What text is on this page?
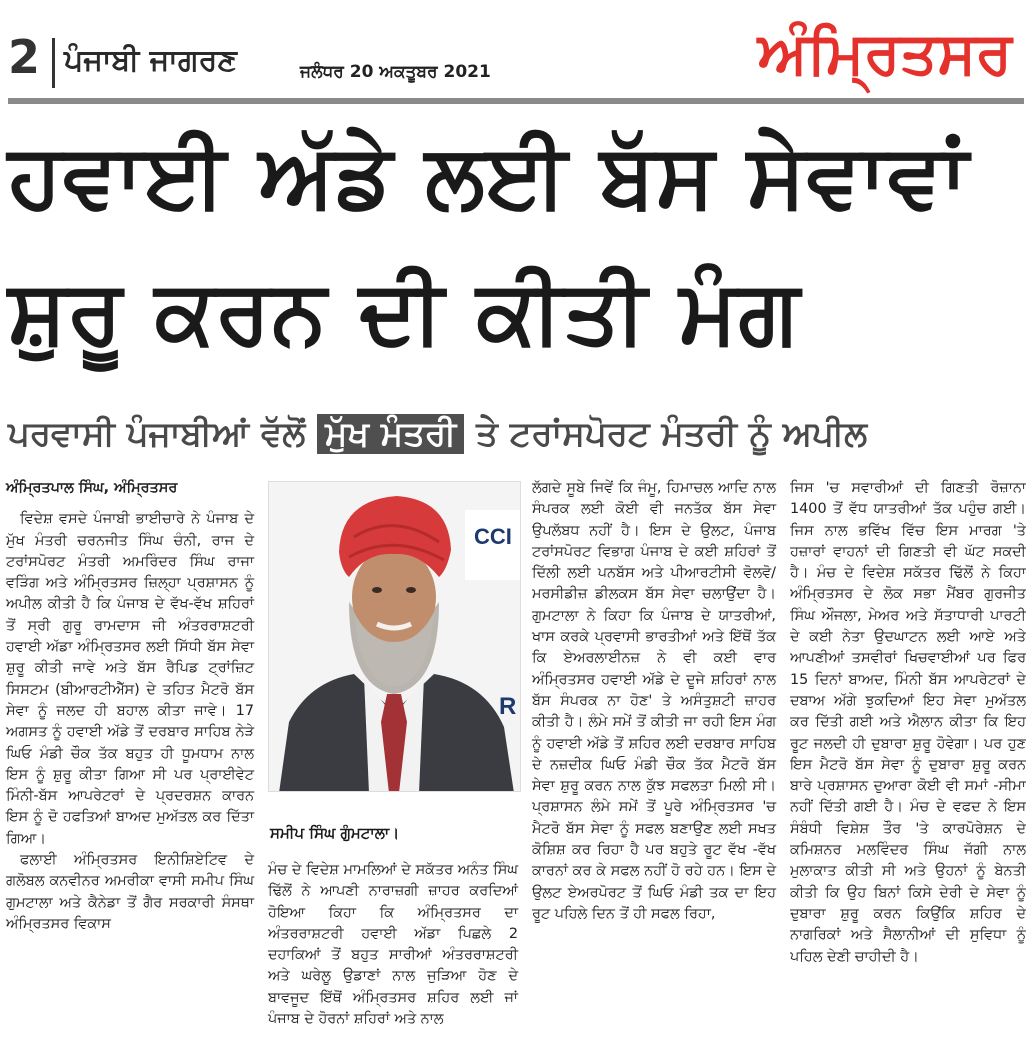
2 ਪੰਜਾਬੀ ਜਾਗਰਣ	ਜਲੰਧਰ 20 ਅਕਤੂਬਰ 2021	ਅੰਮ੍ਰਿਤਸਰ
ਹਵਾਈ ਅੱਡੇ ਲਈ ਬੱਸ ਸੇਵਾਵਾਂ
ਸ਼ੁਰੂ ਕਰਨ ਦੀ ਕੀਤੀ ਮੰਗ
ਪਰਵਾਸੀ ਪੰਜਾਬੀਆਂ ਵੱਲੋਂ ਮੁੱਖ ਮੰਤਰੀ ਤੇ ਟਰਾਂਸਪੋਰਟ ਮੰਤਰੀ ਨੂੰ ਅਪੀਲ

ਅੰਮ੍ਰਿਤਪਾਲ ਸਿੰਘ, ਅੰਮ੍ਰਿਤਸਰ

ਵਿਦੇਸ਼ ਵਸਦੇ ਪੰਜਾਬੀ ਭਾਈਚਾਰੇ ਨੇ ਪੰਜਾਬ ਦੇ ਮੁੱਖ ਮੰਤਰੀ ਚਰਨਜੀਤ ਸਿੰਘ ਚੰਨੀ, ਰਾਜ ਦੇ ਟਰਾਂਸਪੋਰਟ ਮੰਤਰੀ ਅਮਰਿੰਦਰ ਸਿੰਘ ਰਾਜਾ ਵੜਿੰਗ ਅਤੇ ਅੰਮ੍ਰਿਤਸਰ ਜ਼ਿਲ੍ਹਾ ਪ੍ਰਸ਼ਾਸਨ ਨੂੰ ਅਪੀਲ ਕੀਤੀ ਹੈ ਕਿ ਪੰਜਾਬ ਦੇ ਵੱਖ-ਵੱਖ ਸ਼ਹਿਰਾਂ ਤੋਂ ਸ੍ਰੀ ਗੁਰੂ ਰਾਮਦਾਸ ਜੀ ਅੰਤਰਰਾਸ਼ਟਰੀ ਹਵਾਈ ਅੱਡਾ ਅੰਮ੍ਰਿਤਸਰ ਲਈ ਸਿੱਧੀ ਬੱਸ ਸੇਵਾ ਸ਼ੁਰੂ ਕੀਤੀ ਜਾਵੇ ਅਤੇ ਬੱਸ ਰੈਪਿਡ ਟ੍ਰਾਂਜ਼ਿਟ ਸਿਸਟਮ (ਬੀਆਰਟੀਐੱਸ) ਦੇ ਤਹਿਤ ਮੈਟਰੋ ਬੱਸ ਸੇਵਾ ਨੂੰ ਜਲਦ ਹੀ ਬਹਾਲ ਕੀਤਾ ਜਾਵੇ। 17 ਅਗਸਤ ਨੂੰ ਹਵਾਈ ਅੱਡੇ ਤੋਂ ਦਰਬਾਰ ਸਾਹਿਬ ਨੇੜੇ ਘਿਓ ਮੰਡੀ ਚੌਕ ਤੱਕ ਬਹੁਤ ਹੀ ਧੂਮਧਾਮ ਨਾਲ ਇਸ ਨੂੰ ਸ਼ੁਰੂ ਕੀਤਾ ਗਿਆ ਸੀ ਪਰ ਪ੍ਰਾਈਵੇਟ ਮਿੰਨੀ-ਬੱਸ ਆਪਰੇਟਰਾਂ ਦੇ ਪ੍ਰਦਰਸ਼ਨ ਕਾਰਨ ਇਸ ਨੂੰ ਦੋ ਹਫਤਿਆਂ ਬਾਅਦ ਮੁਅੱਤਲ ਕਰ ਦਿੱਤਾ ਗਿਆ।

ਫਲਾਈ ਅੰਮ੍ਰਿਤਸਰ ਇਨੀਸ਼ਿਏਟਿਵ ਦੇ ਗਲੋਬਲ ਕਨਵੀਨਰ ਅਮਰੀਕਾ ਵਾਸੀ ਸਮੀਪ ਸਿੰਘ ਗੁਮਟਾਲਾ ਅਤੇ ਕੈਨੇਡਾ ਤੋਂ ਗੈਰ ਸਰਕਾਰੀ ਸੰਸਥਾ ਅੰਮ੍ਰਿਤਸਰ ਵਿਕਾਸ

CCI
R
ਸਮੀਪ ਸਿੰਘ ਗੁੰਮਟਾਲਾ।

ਮੰਚ ਦੇ ਵਿਦੇਸ਼ ਮਾਮਲਿਆਂ ਦੇ ਸਕੱਤਰ ਅਨੰਤ ਸਿੰਘ ਢਿੱਲੋਂ ਨੇ ਆਪਣੀ ਨਾਰਾਜ਼ਗੀ ਜ਼ਾਹਰ ਕਰਦਿਆਂ ਹੋਇਆ ਕਿਹਾ ਕਿ ਅੰਮ੍ਰਿਤਸਰ ਦਾ ਅੰਤਰਰਾਸ਼ਟਰੀ ਹਵਾਈ ਅੱਡਾ ਪਿਛਲੇ 2 ਦਹਾਕਿਆਂ ਤੋਂ ਬਹੁਤ ਸਾਰੀਆਂ ਅੰਤਰਰਾਸ਼ਟਰੀ ਅਤੇ ਘਰੇਲੂ ਉਡਾਣਾਂ ਨਾਲ ਜੁੜਿਆ ਹੋਣ ਦੇ ਬਾਵਜੂਦ ਇੱਥੋਂ ਅੰਮ੍ਰਿਤਸਰ ਸ਼ਹਿਰ ਲਈ ਜਾਂ ਪੰਜਾਬ ਦੇ ਹੋਰਨਾਂ ਸ਼ਹਿਰਾਂ ਅਤੇ ਨਾਲ

ਲੱਗਦੇ ਸੂਬੇ ਜਿਵੇਂ ਕਿ ਜੰਮੂ, ਹਿਮਾਚਲ ਆਦਿ ਨਾਲ ਸੰਪਰਕ ਲਈ ਕੋਈ ਵੀ ਜਨਤੱਕ ਬੱਸ ਸੇਵਾ ਉਪਲੱਬਧ ਨਹੀਂ ਹੈ। ਇਸ ਦੇ ਉਲਟ, ਪੰਜਾਬ ਟਰਾਂਸਪੋਰਟ ਵਿਭਾਗ ਪੰਜਾਬ ਦੇ ਕਈ ਸ਼ਹਿਰਾਂ ਤੋਂ ਦਿੱਲੀ ਲਈ ਪਨਬੱਸ ਅਤੇ ਪੀਆਰਟੀਸੀ ਵੋਲਵੋ/ਮਰਸੀਡੀਜ਼ ਡੀਲਕਸ ਬੱਸ ਸੇਵਾ ਚਲਾਉਂਦਾ ਹੈ। ਗੁਮਟਾਲਾ ਨੇ ਕਿਹਾ ਕਿ ਪੰਜਾਬ ਦੇ ਯਾਤਰੀਆਂ, ਖਾਸ ਕਰਕੇ ਪ੍ਰਵਾਸੀ ਭਾਰਤੀਆਂ ਅਤੇ ਇੱਥੋਂ ਤੱਕ ਕਿ ਏਅਰਲਾਈਨਜ਼ ਨੇ ਵੀ ਕਈ ਵਾਰ ਅੰਮ੍ਰਿਤਸਰ ਹਵਾਈ ਅੱਡੇ ਦੇ ਦੂਜੇ ਸ਼ਹਿਰਾਂ ਨਾਲ ਬੱਸ ਸੰਪਰਕ ਨਾ ਹੋਣ' ਤੇ ਅਸੰਤੁਸ਼ਟੀ ਜ਼ਾਹਰ ਕੀਤੀ ਹੈ। ਲੰਮੇ ਸਮੇਂ ਤੋਂ ਕੀਤੀ ਜਾ ਰਹੀ ਇਸ ਮੰਗ ਨੂੰ ਹਵਾਈ ਅੱਡੇ ਤੋਂ ਸ਼ਹਿਰ ਲਈ ਦਰਬਾਰ ਸਾਹਿਬ ਦੇ ਨਜ਼ਦੀਕ ਘਿਓ ਮੰਡੀ ਚੌਕ ਤੱਕ ਮੈਟਰੋ ਬੱਸ ਸੇਵਾ ਸ਼ੁਰੂ ਕਰਨ ਨਾਲ ਕੁੱਝ ਸਫਲਤਾ ਮਿਲੀ ਸੀ। ਪ੍ਰਸ਼ਾਸਨ ਲੰਮੇ ਸਮੇਂ ਤੋਂ ਪੂਰੇ ਅੰਮ੍ਰਿਤਸਰ 'ਚ ਮੈਟਰੋ ਬੱਸ ਸੇਵਾ ਨੂੰ ਸਫਲ ਬਣਾਉਣ ਲਈ ਸਖਤ ਕੋਸ਼ਿਸ਼ ਕਰ ਰਿਹਾ ਹੈ ਪਰ ਬਹੁਤੇ ਰੂਟ ਵੱਖ -ਵੱਖ ਕਾਰਨਾਂ ਕਰ ਕੇ ਸਫਲ ਨਹੀਂ ਹੋ ਰਹੇ ਹਨ। ਇਸ ਦੇ ਉਲਟ ਏਅਰਪੋਰਟ ਤੋਂ ਘਿਓ ਮੰਡੀ ਤਕ ਦਾ ਇਹ ਰੂਟ ਪਹਿਲੇ ਦਿਨ ਤੋਂ ਹੀ ਸਫਲ ਰਿਹਾ,

ਜਿਸ 'ਚ ਸਵਾਰੀਆਂ ਦੀ ਗਿਣਤੀ ਰੋਜ਼ਾਨਾ 1400 ਤੋਂ ਵੱਧ ਯਾਤਰੀਆਂ ਤੱਕ ਪਹੁੰਚ ਗਈ। ਜਿਸ ਨਾਲ ਭਵਿੱਖ ਵਿੱਚ ਇਸ ਮਾਰਗ 'ਤੇ ਹਜ਼ਾਰਾਂ ਵਾਹਨਾਂ ਦੀ ਗਿਣਤੀ ਵੀ ਘੱਟ ਸਕਦੀ ਹੈ। ਮੰਚ ਦੇ ਵਿਦੇਸ਼ ਸਕੱਤਰ ਢਿੱਲੋਂ ਨੇ ਕਿਹਾ ਅੰਮ੍ਰਿਤਸਰ ਦੇ ਲੋਕ ਸਭਾ ਮੈਂਬਰ ਗੁਰਜੀਤ ਸਿੰਘ ਔਜਲਾ, ਮੇਅਰ ਅਤੇ ਸੱਤਾਧਾਰੀ ਪਾਰਟੀ ਦੇ ਕਈ ਨੇਤਾ ਉਦਘਾਟਨ ਲਈ ਆਏ ਅਤੇ ਆਪਣੀਆਂ ਤਸਵੀਰਾਂ ਖਿਚਵਾਈਆਂ ਪਰ ਫਿਰ 15 ਦਿਨਾਂ ਬਾਅਦ, ਮਿੰਨੀ ਬੱਸ ਆਪਰੇਟਰਾਂ ਦੇ ਦਬਾਅ ਅੱਗੇ ਝੁਕਦਿਆਂ ਇਹ ਸੇਵਾ ਮੁਅੱਤਲ ਕਰ ਦਿੱਤੀ ਗਈ ਅਤੇ ਐਲਾਨ ਕੀਤਾ ਕਿ ਇਹ ਰੂਟ ਜਲਦੀ ਹੀ ਦੁਬਾਰਾ ਸ਼ੁਰੂ ਹੋਵੇਗਾ। ਪਰ ਹੁਣ ਇਸ ਮੈਟਰੋ ਬੱਸ ਸੇਵਾ ਨੂੰ ਦੁਬਾਰਾ ਸ਼ੁਰੂ ਕਰਨ ਬਾਰੇ ਪ੍ਰਸ਼ਾਸਨ ਦੁਆਰਾ ਕੋਈ ਵੀ ਸਮਾਂ -ਸੀਮਾ ਨਹੀਂ ਦਿੱਤੀ ਗਈ ਹੈ। ਮੰਚ ਦੇ ਵਫਦ ਨੇ ਇਸ ਸੰਬੰਧੀ ਵਿਸ਼ੇਸ਼ ਤੌਰ 'ਤੇ ਕਾਰਪੋਰੇਸ਼ਨ ਦੇ ਕਮਿਸ਼ਨਰ ਮਲਵਿੰਦਰ ਸਿੰਘ ਜੱਗੀ ਨਾਲ ਮੁਲਾਕਾਤ ਕੀਤੀ ਸੀ ਅਤੇ ਉਹਨਾਂ ਨੂੰ ਬੇਨਤੀ ਕੀਤੀ ਕਿ ਉਹ ਬਿਨਾਂ ਕਿਸੇ ਦੇਰੀ ਦੇ ਸੇਵਾ ਨੂੰ ਦੁਬਾਰਾ ਸ਼ੁਰੂ ਕਰਨ ਕਿਉਂਕਿ ਸ਼ਹਿਰ ਦੇ ਨਾਗਰਿਕਾਂ ਅਤੇ ਸੈਲਾਨੀਆਂ ਦੀ ਸੁਵਿਧਾ ਨੂੰ ਪਹਿਲ ਦੇਣੀ ਚਾਹੀਦੀ ਹੈ।
